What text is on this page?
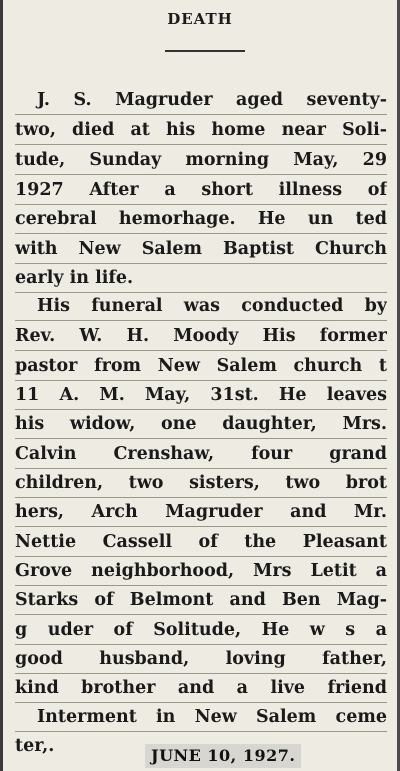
DEATH
J. S. Magruder aged seventy-
two, died at his home near Soli-
tude, Sunday morning May, 29
1927 After a short illness of
cerebral hemorhage. He un ted
with New Salem Baptist Church
early in life.
His funeral was conducted by
Rev. W. H. Moody His former
pastor from New Salem church t
11 A. M. May, 31st. He leaves
his widow, one daughter, Mrs.
Calvin Crenshaw, four grand
children, two sisters, two brot
hers, Arch Magruder and Mr.
Nettie Cassell of the Pleasant
Grove neighborhood, Mrs Letit a
Starks of Belmont and Ben Mag-
g uder of Solitude, He w s a
good husband, loving father,
kind brother and a live friend
Interment in New Salem ceme
ter,.	JUNE 10, 1927.
